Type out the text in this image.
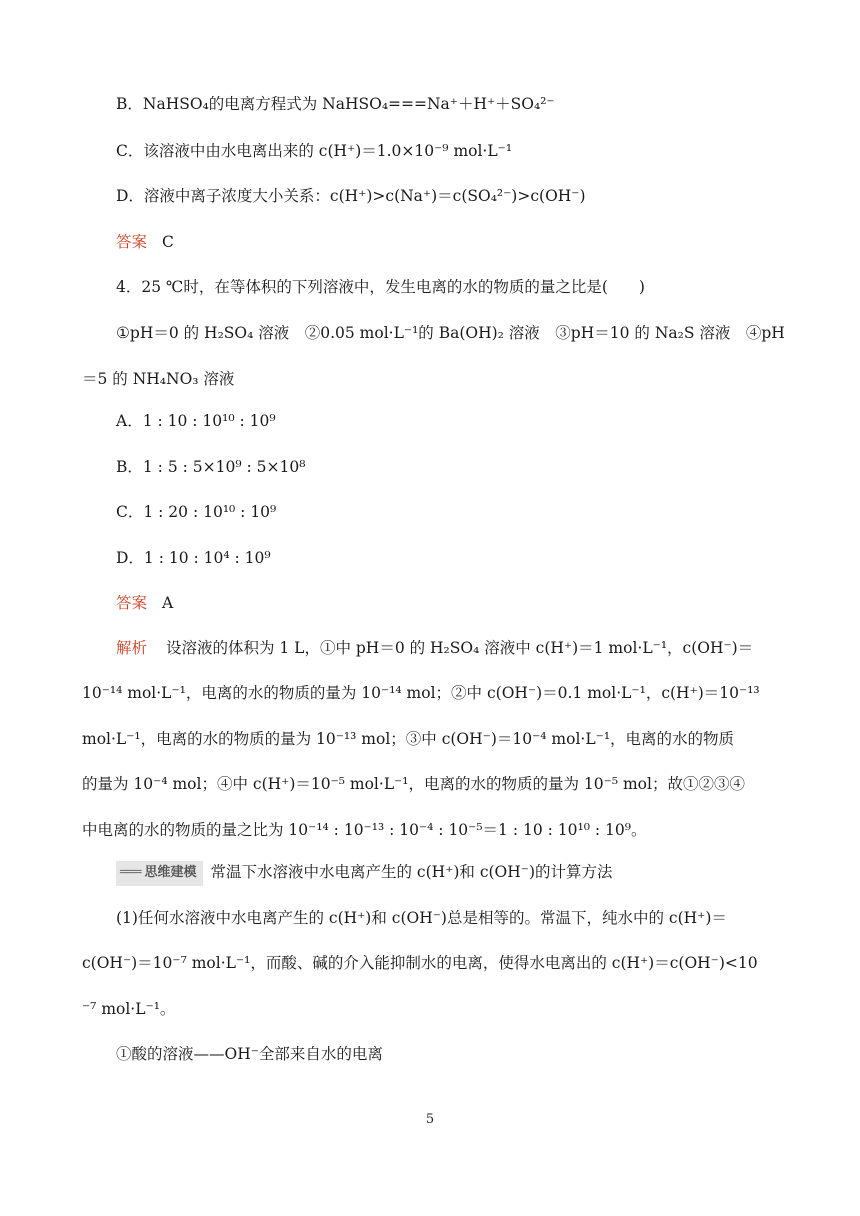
B．NaHSO₄的电离方程式为 NaHSO₄===Na⁺＋H⁺＋SO₄²⁻
C．该溶液中由水电离出来的 c(H⁺)＝1.0×10⁻⁹ mol·L⁻¹
D．溶液中离子浓度大小关系：c(H⁺)>c(Na⁺)＝c(SO₄²⁻)>c(OH⁻)
答案 C
4．25 ℃时，在等体积的下列溶液中，发生电离的水的物质的量之比是(　　)
①pH＝0 的 H₂SO₄ 溶液　②0.05 mol·L⁻¹的 Ba(OH)₂ 溶液　③pH＝10 的 Na₂S 溶液　④pH
＝5 的 NH₄NO₃ 溶液
A．1 : 10 : 10¹⁰ : 10⁹
B．1 : 5 : 5×10⁹ : 5×10⁸
C．1 : 20 : 10¹⁰ : 10⁹
D．1 : 10 : 10⁴ : 10⁹
答案 A
解析 设溶液的体积为 1 L，①中 pH＝0 的 H₂SO₄ 溶液中 c(H⁺)＝1 mol·L⁻¹，c(OH⁻)＝
10⁻¹⁴ mol·L⁻¹，电离的水的物质的量为 10⁻¹⁴ mol；②中 c(OH⁻)＝0.1 mol·L⁻¹，c(H⁺)＝10⁻¹³
mol·L⁻¹，电离的水的物质的量为 10⁻¹³ mol；③中 c(OH⁻)＝10⁻⁴ mol·L⁻¹，电离的水的物质
的量为 10⁻⁴ mol；④中 c(H⁺)＝10⁻⁵ mol·L⁻¹，电离的水的物质的量为 10⁻⁵ mol；故①②③④
中电离的水的物质的量之比为 10⁻¹⁴ : 10⁻¹³ : 10⁻⁴ : 10⁻⁵＝1 : 10 : 10¹⁰ : 10⁹。
═══ 思维建模 常温下水溶液中水电离产生的 c(H⁺)和 c(OH⁻)的计算方法
(1)任何水溶液中水电离产生的 c(H⁺)和 c(OH⁻)总是相等的。常温下，纯水中的 c(H⁺)＝
c(OH⁻)＝10⁻⁷ mol·L⁻¹，而酸、碱的介入能抑制水的电离，使得水电离出的 c(H⁺)＝c(OH⁻)<10
⁻⁷ mol·L⁻¹。
①酸的溶液——OH⁻全部来自水的电离
5
